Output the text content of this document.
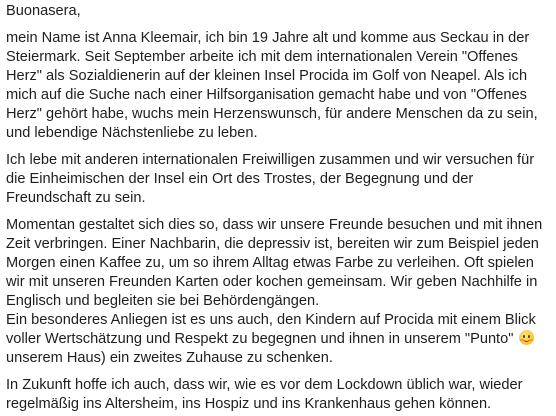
Buonasera,
mein Name ist Anna Kleemair, ich bin 19 Jahre alt und komme aus Seckau in der
Steiermark. Seit September arbeite ich mit dem internationalen Verein "Offenes
Herz" als Sozialdienerin auf der kleinen Insel Procida im Golf von Neapel. Als ich
mich auf die Suche nach einer Hilfsorganisation gemacht habe und von "Offenes
Herz" gehört habe, wuchs mein Herzenswunsch, für andere Menschen da zu sein,
und lebendige Nächstenliebe zu leben.
Ich lebe mit anderen internationalen Freiwilligen zusammen und wir versuchen für
die Einheimischen der Insel ein Ort des Trostes, der Begegnung und der
Freundschaft zu sein.
Momentan gestaltet sich dies so, dass wir unsere Freunde besuchen und mit ihnen
Zeit verbringen. Einer Nachbarin, die depressiv ist, bereiten wir zum Beispiel jeden
Morgen einen Kaffee zu, um so ihrem Alltag etwas Farbe zu verleihen. Oft spielen
wir mit unseren Freunden Karten oder kochen gemeinsam. Wir geben Nachhilfe in
Englisch und begleiten sie bei Behördengängen.
Ein besonderes Anliegen ist es uns auch, den Kindern auf Procida mit einem Blick
voller Wertschätzung und Respekt zu begegnen und ihnen in unserem "Punto"
unserem Haus) ein zweites Zuhause zu schenken.
In Zukunft hoffe ich auch, dass wir, wie es vor dem Lockdown üblich war, wieder
regelmäßig ins Altersheim, ins Hospiz und ins Krankenhaus gehen können.
